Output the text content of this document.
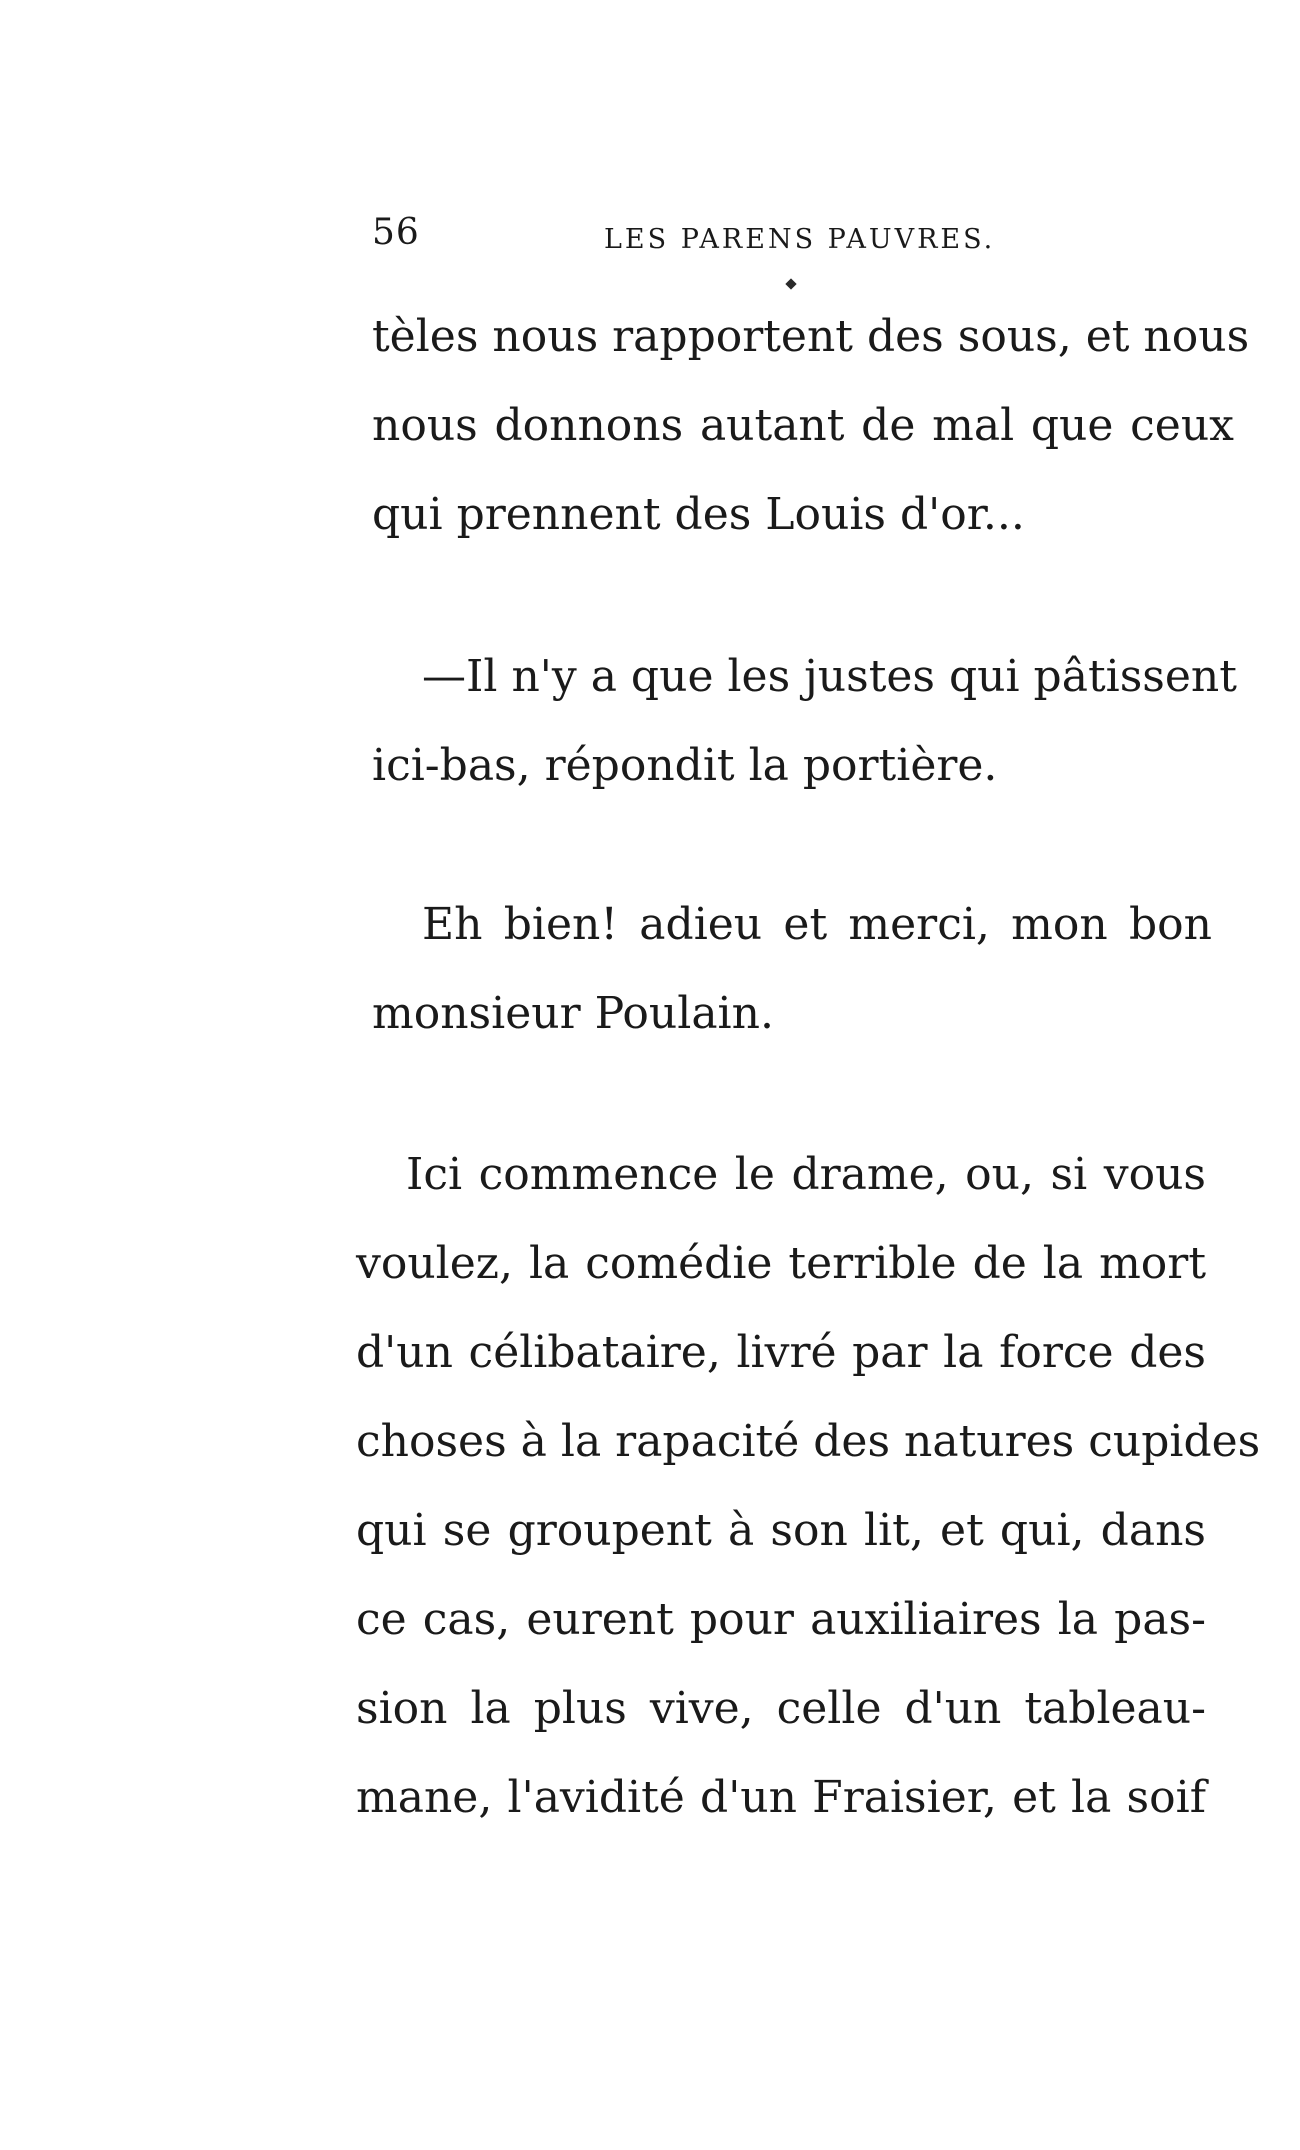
56	LES PARENS PAUVRES.

tèles nous rapportent des sous, et nous
nous donnons autant de mal que ceux
qui prennent des Louis d'or...

—Il n'y a que les justes qui pâtissent
ici-bas, répondit la portière.

Eh bien! adieu et merci, mon bon
monsieur Poulain.

Ici commence le drame, ou, si vous
voulez, la comédie terrible de la mort
d'un célibataire, livré par la force des
choses à la rapacité des natures cupides
qui se groupent à son lit, et qui, dans
ce cas, eurent pour auxiliaires la pas-
sion la plus vive, celle d'un tableau-
mane, l'avidité d'un Fraisier, et la soif
